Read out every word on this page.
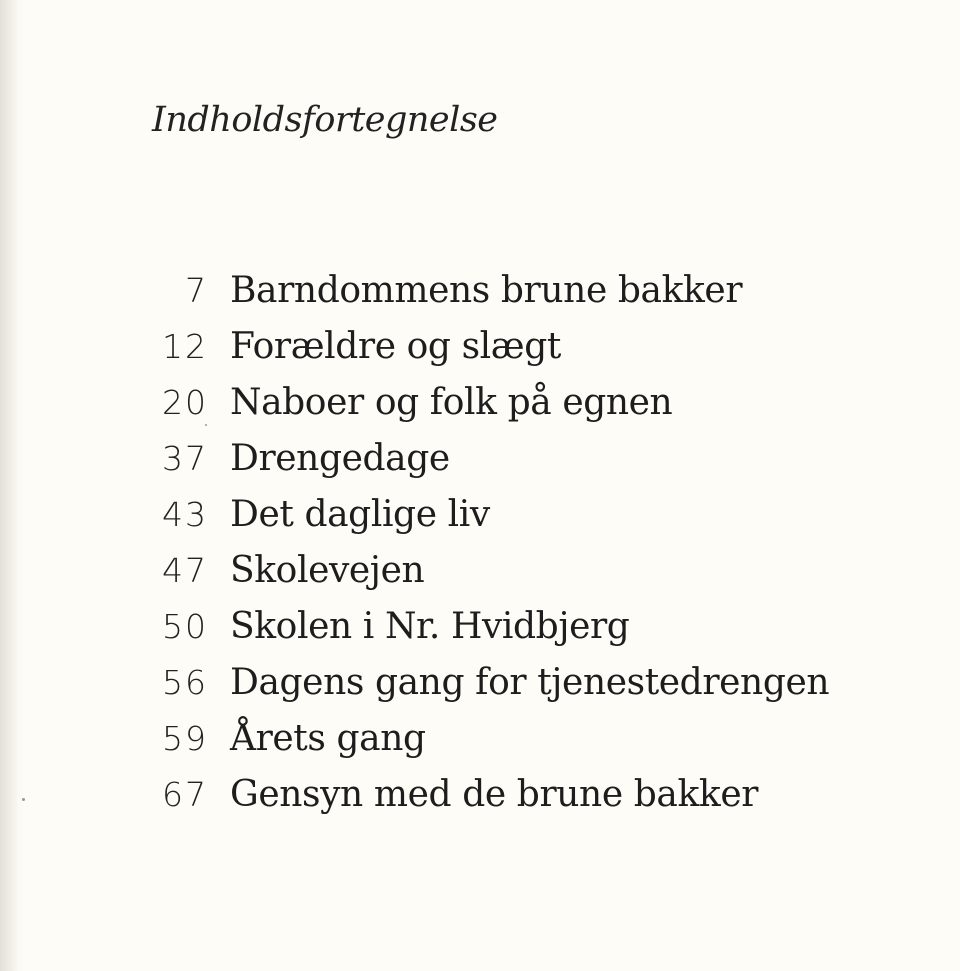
Indholdsfortegnelse
7 Barndommens brune bakker
12 Forældre og slægt
20 Naboer og folk på egnen
37 Drengedage
43 Det daglige liv
47 Skolevejen
50 Skolen i Nr. Hvidbjerg
56 Dagens gang for tjenestedrengen
59 Årets gang
67 Gensyn med de brune bakker
